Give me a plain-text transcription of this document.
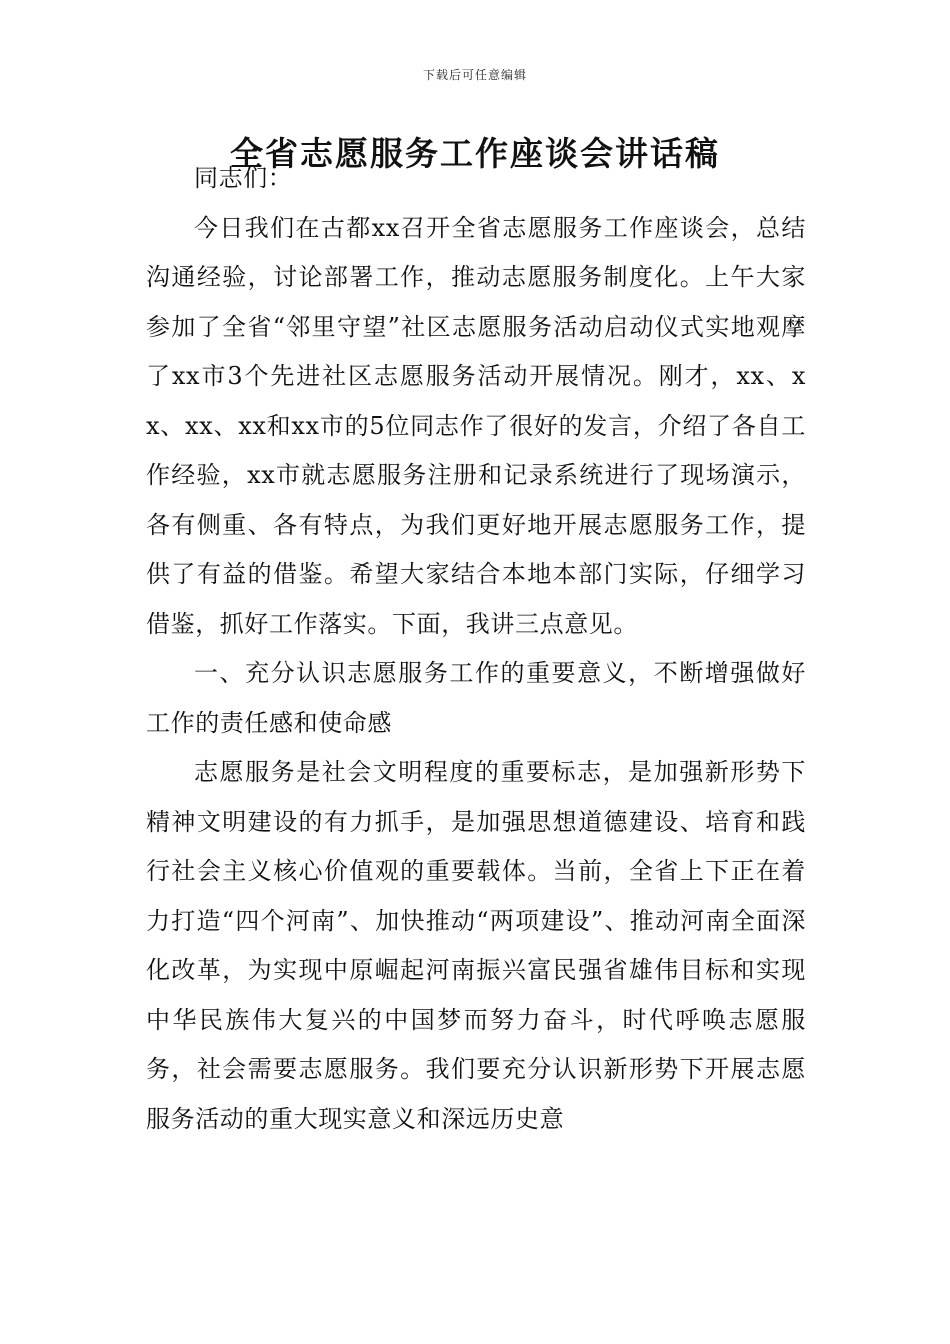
下载后可任意编辑
全省志愿服务工作座谈会讲话稿

同志们：

今日我们在古都xx召开全省志愿服务工作座谈会，总结沟通经验，讨论部署工作，推动志愿服务制度化。上午大家参加了全省“邻里守望”社区志愿服务活动启动仪式实地观摩了xx市3个先进社区志愿服务活动开展情况。刚才，xx、xx、xx、xx和xx市的5位同志作了很好的发言，介绍了各自工作经验，xx市就志愿服务注册和记录系统进行了现场演示，各有侧重、各有特点，为我们更好地开展志愿服务工作，提供了有益的借鉴。希望大家结合本地本部门实际，仔细学习借鉴，抓好工作落实。下面，我讲三点意见。

一、充分认识志愿服务工作的重要意义，不断增强做好工作的责任感和使命感

志愿服务是社会文明程度的重要标志，是加强新形势下精神文明建设的有力抓手，是加强思想道德建设、培育和践行社会主义核心价值观的重要载体。当前，全省上下正在着力打造“四个河南”、加快推动“两项建设”、推动河南全面深化改革，为实现中原崛起河南振兴富民强省雄伟目标和实现中华民族伟大复兴的中国梦而努力奋斗，时代呼唤志愿服务，社会需要志愿服务。我们要充分认识新形势下开展志愿服务活动的重大现实意义和深远历史意
